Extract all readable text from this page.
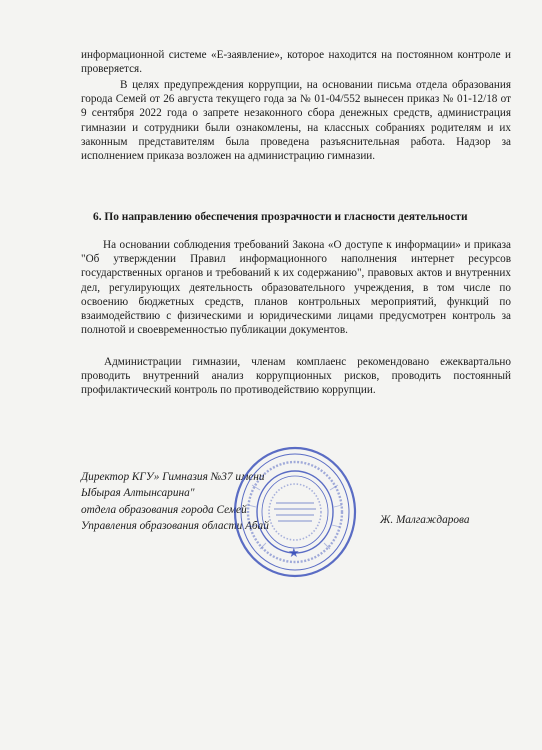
информационной системе «Е-заявление», которое находится на постоянном контроле и проверяется.

В целях предупреждения коррупции, на основании письма отдела образования города Семей от 26 августа текущего года за № 01-04/552 вынесен приказ № 01-12/18 от 9 сентября 2022 года о запрете незаконного сбора денежных средств, администрация гимназии и сотрудники были ознакомлены, на классных собраниях родителям и их законным представителям была проведена разъяснительная работа. Надзор за исполнением приказа возложен на администрацию гимназии.

6. По направлению обеспечения прозрачности и гласности деятельности

На основании соблюдения требований Закона «О доступе к информации» и приказа "Об утверждении Правил информационного наполнения интернет ресурсов государственных органов и требований к их содержанию", правовых актов и внутренних дел, регулирующих деятельность образовательного учреждения, в том числе по освоению бюджетных средств, планов контрольных мероприятий, функций по взаимодействию с физическими и юридическими лицами предусмотрен контроль за полнотой и своевременностью публикации документов.

Администрации гимназии, членам комплаенс рекомендовано ежеквартально проводить внутренний анализ коррупционных рисков, проводить постоянный профилактический контроль по противодействию коррупции.

Директор КГУ» Гимназия №37 имени
Ыбырая Алтынсарина"
отдела образования города Семей
Управления образования области Абай
Ж. Малгаждарова
★
